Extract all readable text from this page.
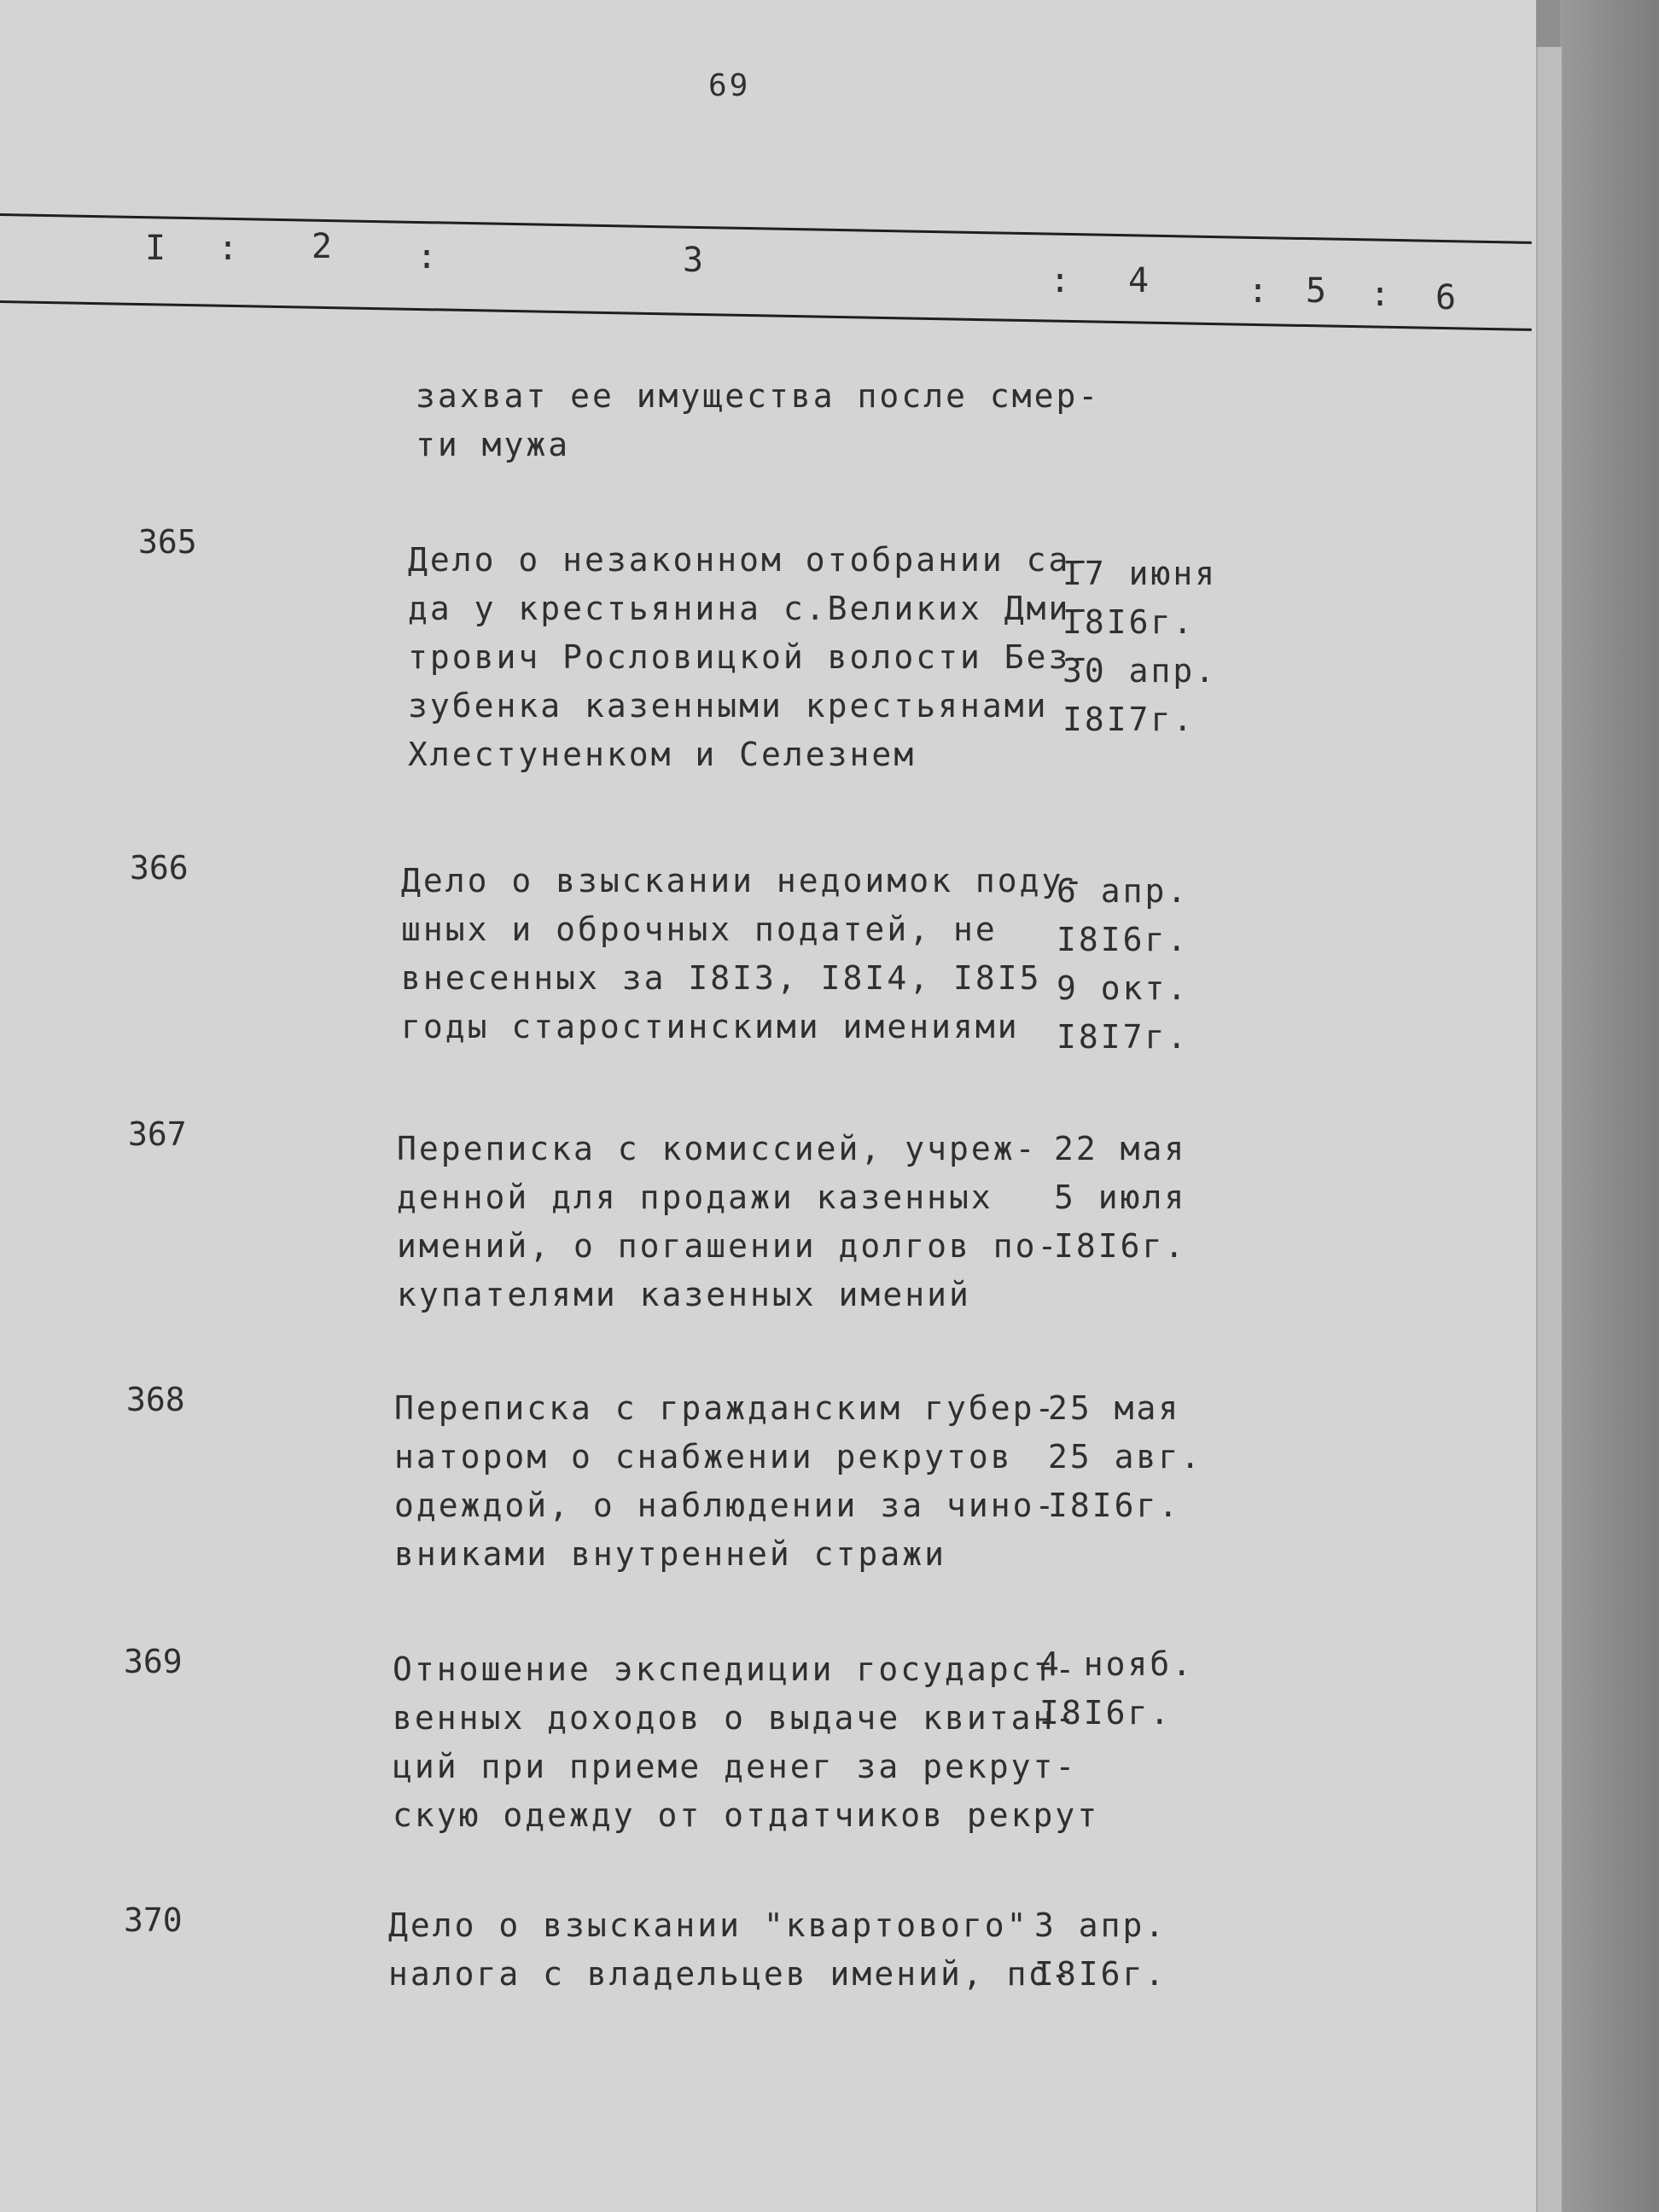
69
I : 2 :	3
: 4	: 5 : 6
захват ее имущества после смер-
ти мужа
365	Дело о незаконном отобрании са-
да у крестьянина с.Великих Дми-
трович Рословицкой волости Без-
зубенка казенными крестьянами
Хлестуненком и Селезнем
I7 июня
I8I6г.
30 апр.
I8I7г.
366	Дело о взыскании недоимок поду-
шных и оброчных податей, не
внесенных за I8I3, I8I4, I8I5
годы старостинскими имениями
6 апр.
I8I6г.
9 окт.
I8I7г.
367	Переписка с комиссией, учреж-
денной для продажи казенных
имений, о погашении долгов по-
купателями казенных имений
22 мая
5 июля
I8I6г.
368	Переписка с гражданским губер-
натором о снабжении рекрутов
одеждой, о наблюдении за чино-
вниками внутренней стражи
25 мая
25 авг.
I8I6г.
369	Отношение экспедиции государст-
венных доходов о выдаче квитан-
ций при приеме денег за рекрут-
скую одежду от отдатчиков рекрут
4 нояб.
I8I6г.
370	Дело о взыскании "квартового"
налога с владельцев имений, по-
3 апр.
I8I6г.
